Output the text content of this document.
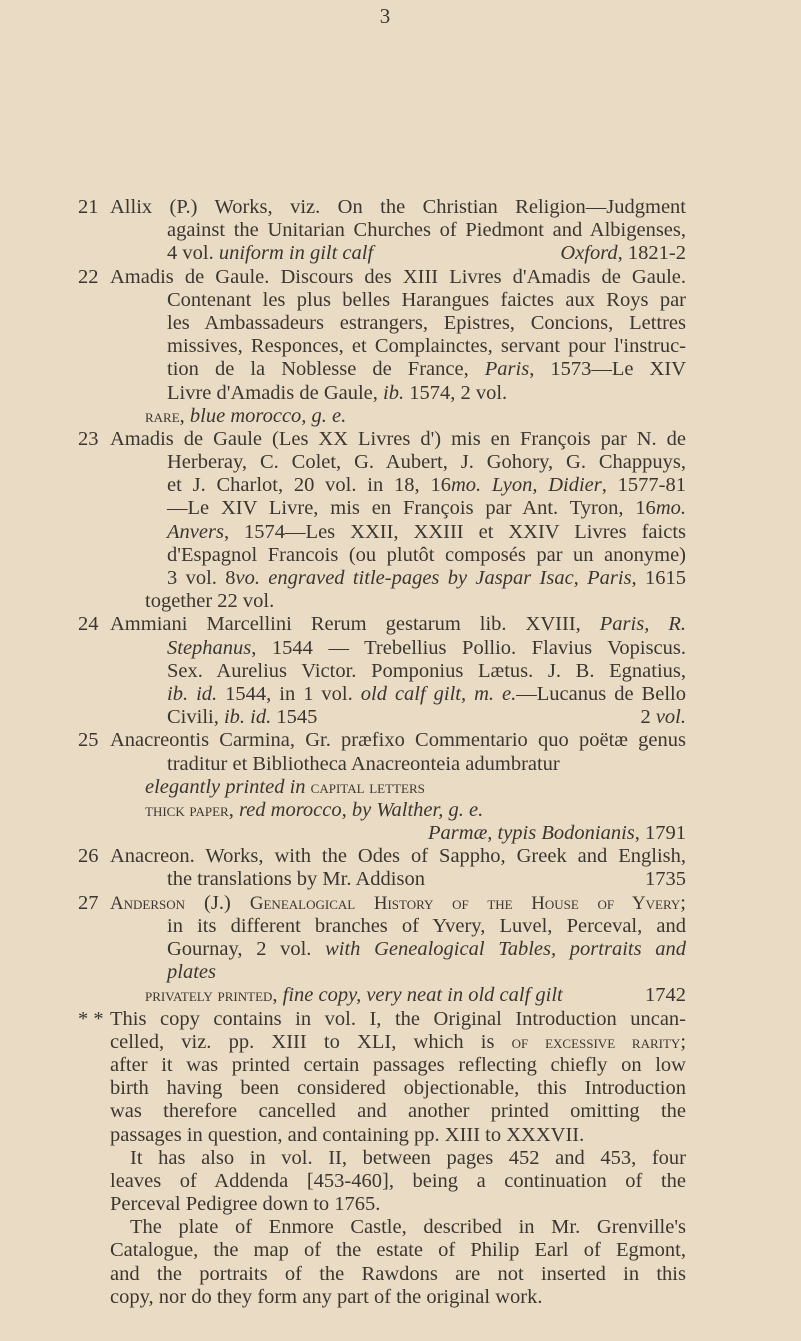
3
21 Allix (P.) Works, viz. On the Christian Religion—Judgment
against the Unitarian Churches of Piedmont and Albigenses,
4 vol. uniform in gilt calf	Oxford, 1821-2
22 Amadis de Gaule. Discours des XIII Livres d'Amadis de Gaule.
Contenant les plus belles Harangues faictes aux Roys par
les Ambassadeurs estrangers, Epistres, Concions, Lettres
missives, Responces, et Complainctes, servant pour l'instruc-
tion de la Noblesse de France, Paris, 1573—Le XIV
Livre d'Amadis de Gaule, ib. 1574, 2 vol.
rare, blue morocco, g. e.
23 Amadis de Gaule (Les XX Livres d') mis en François par N. de
Herberay, C. Colet, G. Aubert, J. Gohory, G. Chappuys,
et J. Charlot, 20 vol. in 18, 16mo. Lyon, Didier, 1577-81
—Le XIV Livre, mis en François par Ant. Tyron, 16mo.
Anvers, 1574—Les XXII, XXIII et XXIV Livres faicts
d'Espagnol Francois (ou plutôt composés par un anonyme)
3 vol. 8vo. engraved title-pages by Jaspar Isac, Paris, 1615
together 22 vol.
24 Ammiani Marcellini Rerum gestarum lib. XVIII, Paris, R.
Stephanus, 1544 — Trebellius Pollio. Flavius Vopiscus.
Sex. Aurelius Victor. Pomponius Lætus. J. B. Egnatius,
ib. id. 1544, in 1 vol. old calf gilt, m. e.—Lucanus de Bello
Civili, ib. id. 1545	2 vol.
25 Anacreontis Carmina, Gr. præfixo Commentario quo poëtæ genus
traditur et Bibliotheca Anacreonteia adumbratur
elegantly printed in capital letters
thick paper, red morocco, by Walther, g. e.
Parmæ, typis Bodonianis, 1791
26 Anacreon. Works, with the Odes of Sappho, Greek and English,
the translations by Mr. Addison	1735
27 Anderson (J.) Genealogical History of the House of Yvery;
in its different branches of Yvery, Luvel, Perceval, and
Gournay, 2 vol. with Genealogical Tables, portraits and
plates
privately printed, fine copy, very neat in old calf gilt	1742
* * This copy contains in vol. I, the Original Introduction uncan-
celled, viz. pp. XIII to XLI, which is of excessive rarity;
after it was printed certain passages reflecting chiefly on low
birth having been considered objectionable, this Introduction
was therefore cancelled and another printed omitting the
passages in question, and containing pp. XIII to XXXVII.
It has also in vol. II, between pages 452 and 453, four
leaves of Addenda [453-460], being a continuation of the
Perceval Pedigree down to 1765.
The plate of Enmore Castle, described in Mr. Grenville's
Catalogue, the map of the estate of Philip Earl of Egmont,
and the portraits of the Rawdons are not inserted in this
copy, nor do they form any part of the original work.
